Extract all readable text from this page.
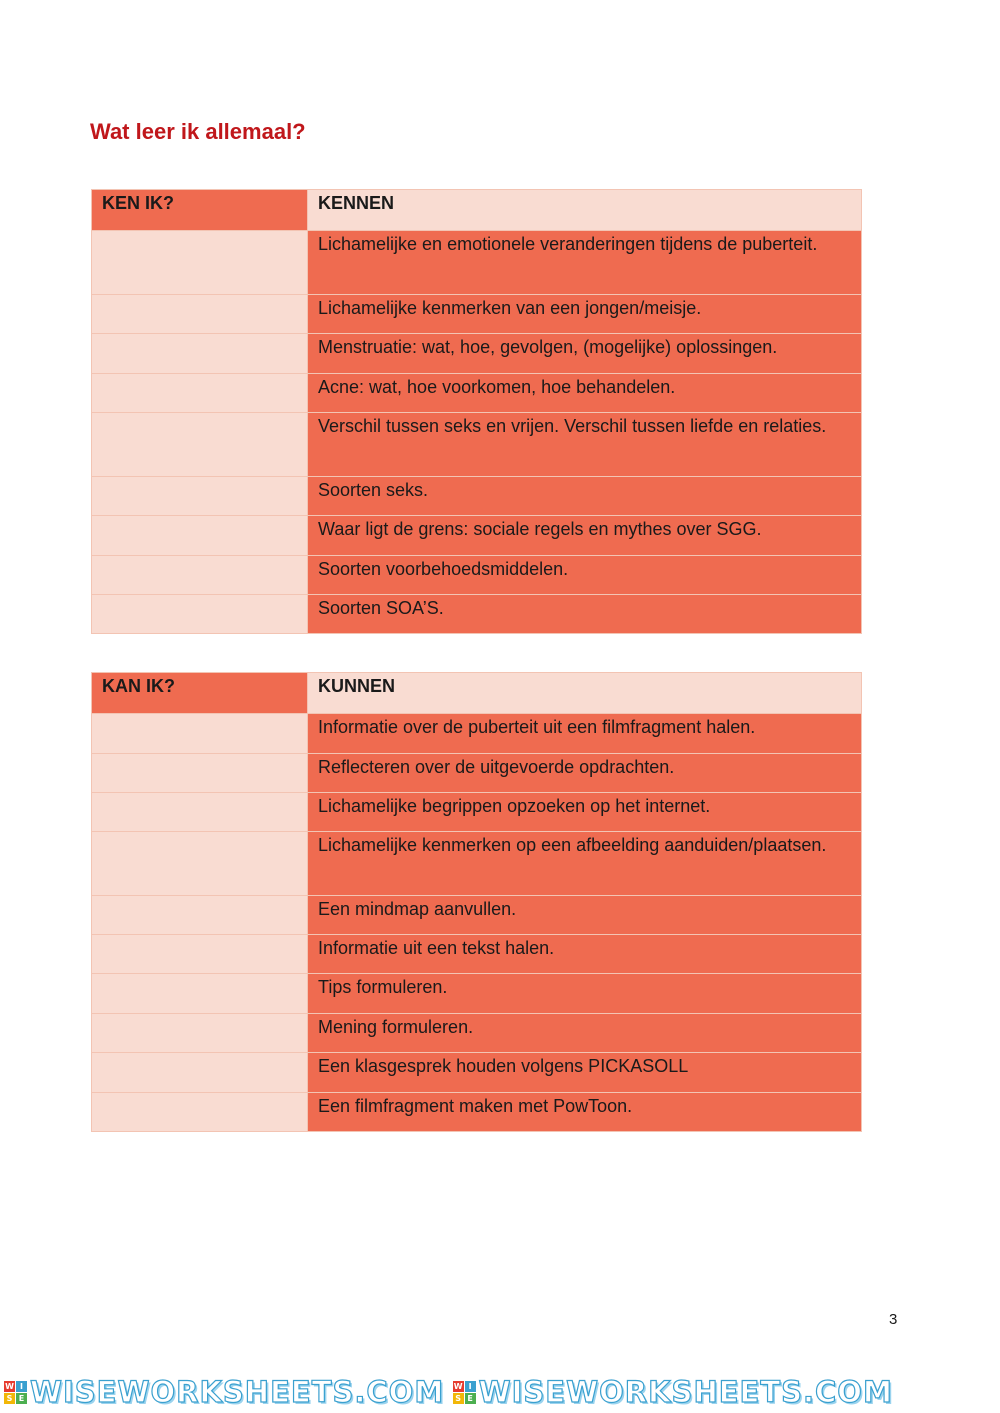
Wat leer ik allemaal?
KEN IK?	KENNEN
	Lichamelijke en emotionele veranderingen tijdens de puberteit.
	Lichamelijke kenmerken van een jongen/meisje.
	Menstruatie: wat, hoe, gevolgen, (mogelijke) oplossingen.
	Acne: wat, hoe voorkomen, hoe behandelen.
	Verschil tussen seks en vrijen. Verschil tussen liefde en relaties.
	Soorten seks.
	Waar ligt de grens: sociale regels en mythes over SGG.
	Soorten voorbehoedsmiddelen.
	Soorten SOA’S.
KAN IK?	KUNNEN
	Informatie over de puberteit uit een filmfragment halen.
	Reflecteren over de uitgevoerde opdrachten.
	Lichamelijke begrippen opzoeken op het internet.
	Lichamelijke kenmerken op een afbeelding aanduiden/plaatsen.
	Een mindmap aanvullen.
	Informatie uit een tekst halen.
	Tips formuleren.
	Mening formuleren.
	Een klasgesprek houden volgens PICKASOLL
	Een filmfragment maken met PowToon.
3
W I
S E WISEWORKSHEETS.COM W I
S E WISEWORKSHEETS.COM
